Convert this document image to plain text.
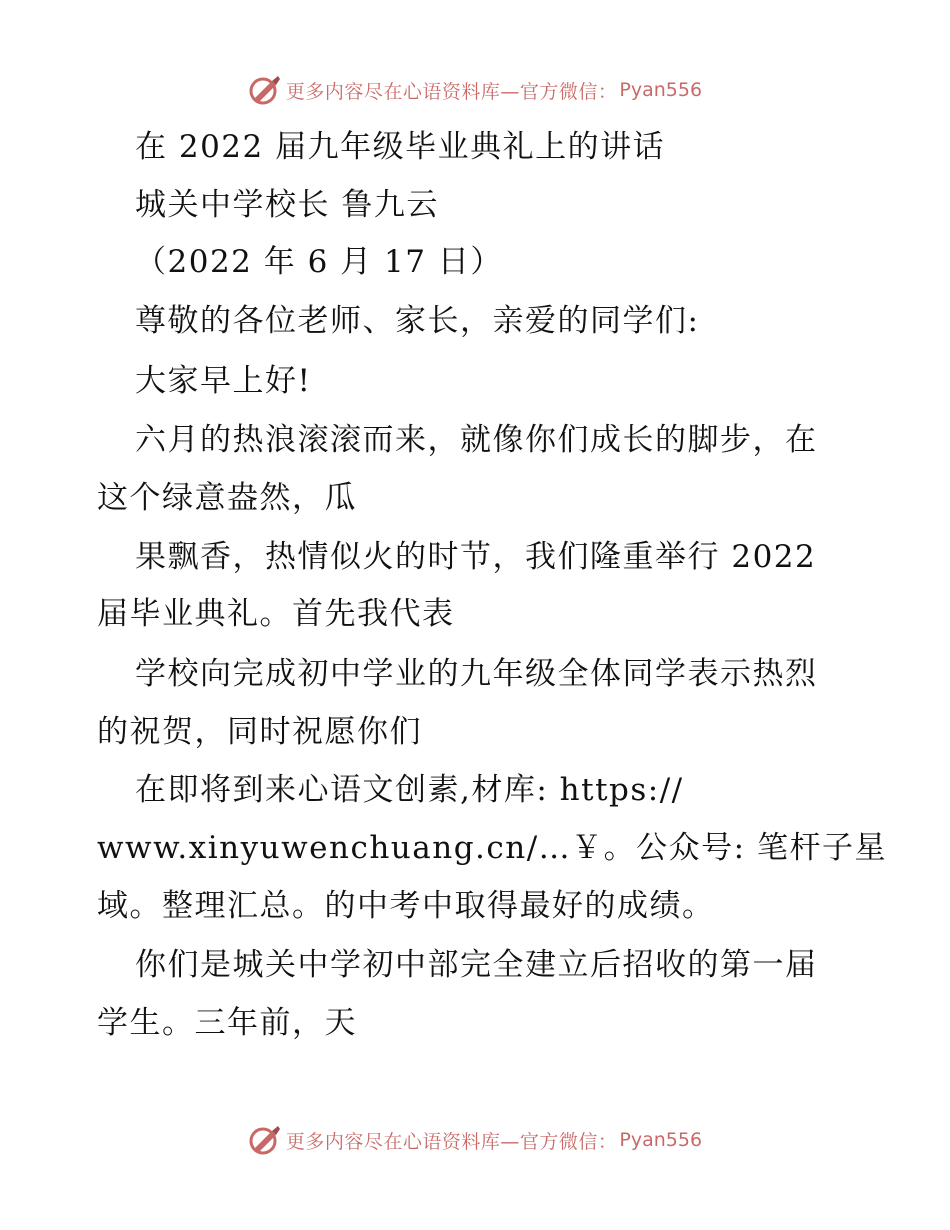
更多内容尽在心语资料库—官方微信： Pyan556
在 2022 届九年级毕业典礼上的讲话
城关中学校长 鲁九云
（2022 年 6 月 17 日）
尊敬的各位老师、家长，亲爱的同学们:
大家早上好!
六月的热浪滚滚而来，就像你们成长的脚步，在
这个绿意盎然，瓜
果飘香，热情似火的时节，我们隆重举行 2022
届毕业典礼。首先我代表
学校向完成初中学业的九年级全体同学表示热烈
的祝贺，同时祝愿你们
在即将到来心语文创素,材库: https://
www.xinyuwenchuang.cn/…￥。公众号: 笔杆子星
域。整理汇总。的中考中取得最好的成绩。
你们是城关中学初中部完全建立后招收的第一届
学生。三年前，天
更多内容尽在心语资料库—官方微信： Pyan556
